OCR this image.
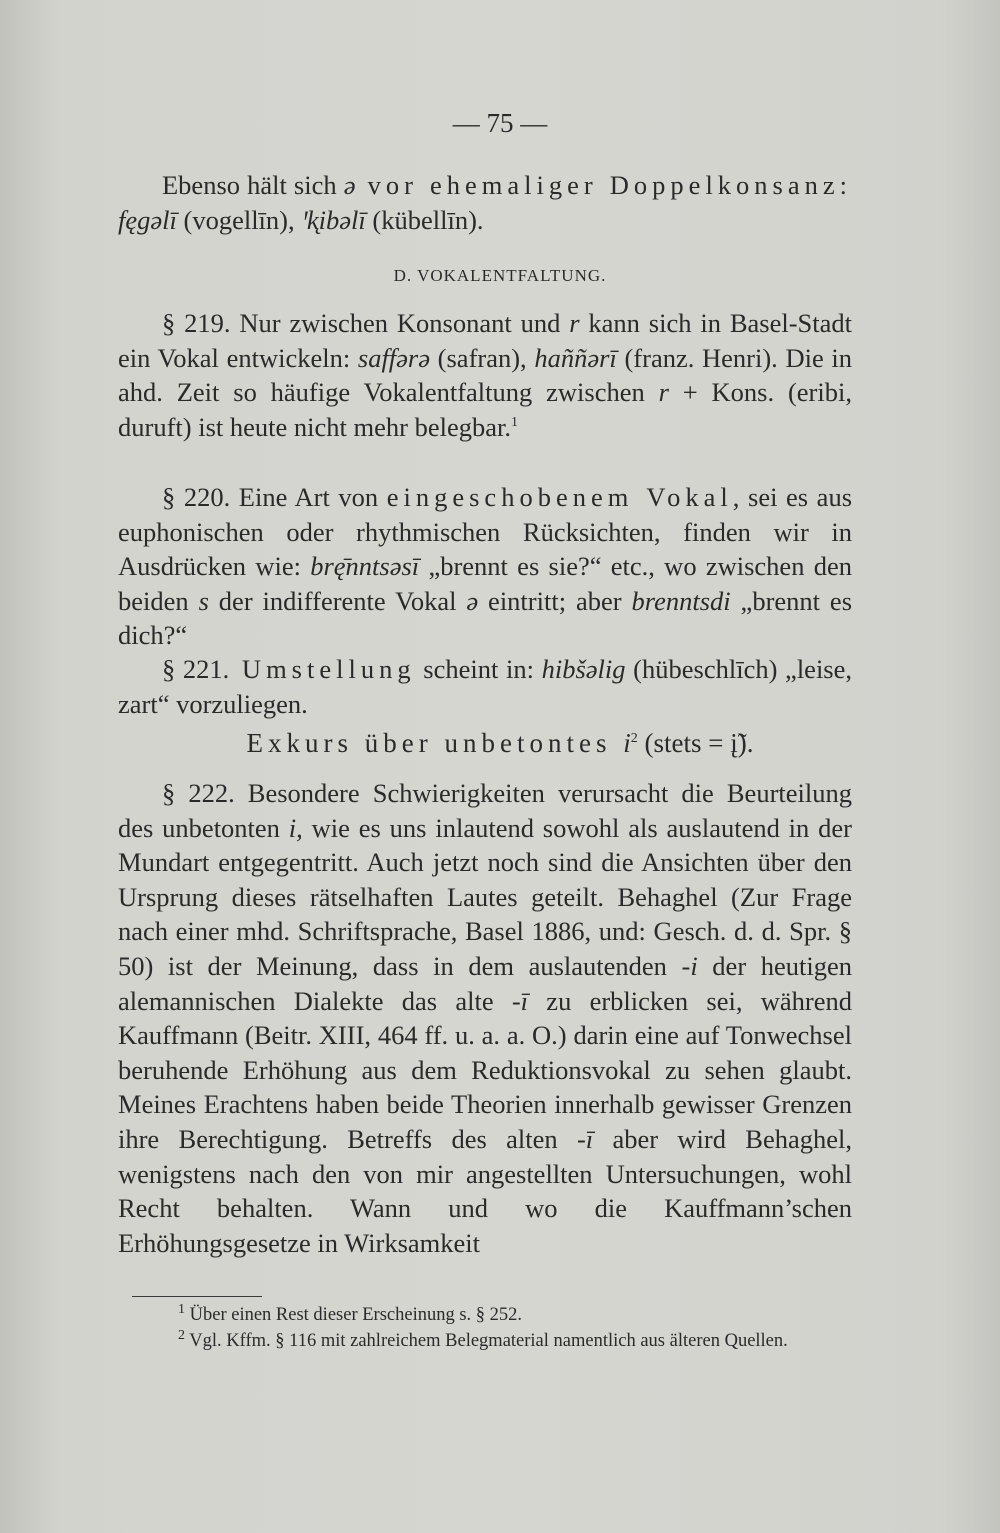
— 75 —

Ebenso hält sich ə vor ehemaliger Doppelkonsanz: fęgəlī (vogellīn), ꞌk̨ibəlī (kübellīn).

D. VOKALENTFALTUNG.

§ 219. Nur zwischen Konsonant und r kann sich in Basel-Stadt ein Vokal entwickeln: saffərə (safran), haññərī (franz. Henri). Die in ahd. Zeit so häufige Vokalentfaltung zwischen r + Kons. (eribi, duruft) ist heute nicht mehr belegbar.$^1$

§ 220. Eine Art von eingeschobenem Vokal, sei es aus euphonischen oder rhythmischen Rücksichten, finden wir in Ausdrücken wie: brę̄nntsəsī „brennt es sie?“ etc., wo zwischen den beiden s der indifferente Vokal ə eintritt; aber brenntsdi „brennt es dich?“

§ 221. Umstellung scheint in: hibšəlig (hübeschlīch) „leise, zart“ vorzuliegen.

Exkurs über unbetontes $i^2$ (stets = į̃).

§ 222. Besondere Schwierigkeiten verursacht die Beurteilung des unbetonten i, wie es uns inlautend sowohl als auslautend in der Mundart entgegentritt. Auch jetzt noch sind die Ansichten über den Ursprung dieses rätselhaften Lautes geteilt. Behaghel (Zur Frage nach einer mhd. Schriftsprache, Basel 1886, und: Gesch. d. d. Spr. § 50) ist der Meinung, dass in dem auslautenden -i der heutigen alemannischen Dialekte das alte -ī zu erblicken sei, während Kauffmann (Beitr. XIII, 464 ff. u. a. a. O.) darin eine auf Tonwechsel beruhende Erhöhung aus dem Reduktionsvokal zu sehen glaubt. Meines Erachtens haben beide Theorien innerhalb gewisser Grenzen ihre Berechtigung. Betreffs des alten -ī aber wird Behaghel, wenigstens nach den von mir angestellten Untersuchungen, wohl Recht behalten. Wann und wo die Kauffmann’schen Erhöhungsgesetze in Wirksamkeit

$^1$ Über einen Rest dieser Erscheinung s. § 252.

$^2$ Vgl. Kffm. § 116 mit zahlreichem Belegmaterial namentlich aus älteren Quellen.
